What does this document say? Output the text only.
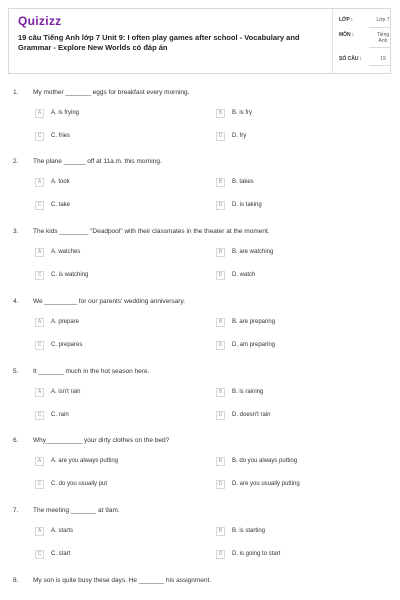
Quizizz
19 câu Tiếng Anh lớp 7 Unit 9: I often play games after school - Vocabulary and Grammar - Explore New Worlds có đáp án
LỚP :	Lớp 7
MÔN :	Tiếng Anh
SỐ CÂU :	19
1. My mother _______ eggs for breakfast every morning.
A	A. is frying	B	B. is fry
C	C. fries	D	D. fry
2. The plane ______ off at 11a.m. this morning.
A	A. took	B	B. takes
C	C. take	D	D. is taking
3. The kids ________ "Deadpool" with their classmates in the theater at the moment.
A	A. watches	B	B. are watching
C	C. is watching	D	D. watch
4. We _________ for our parents' wedding anniversary.
A	A. prepare	B	B. are preparing
C	C. prepares	D	D. am preparing
5. It _______ much in the hot season here.
A	A. isn't rain	B	B. is raining
C	C. rain	D	D. doesn't rain
6. Why__________ your dirty clothes on the bed?
A	A. are you always putting	B	B. do you always putting
C	C. do you usually put	D	D. are you usually putting
7. The meeting _______ at 9am.
A	A. starts	B	B. is starting
C	C. start	D	D. is going to start
8. My son is quite busy these days. He _______ his assignment.
